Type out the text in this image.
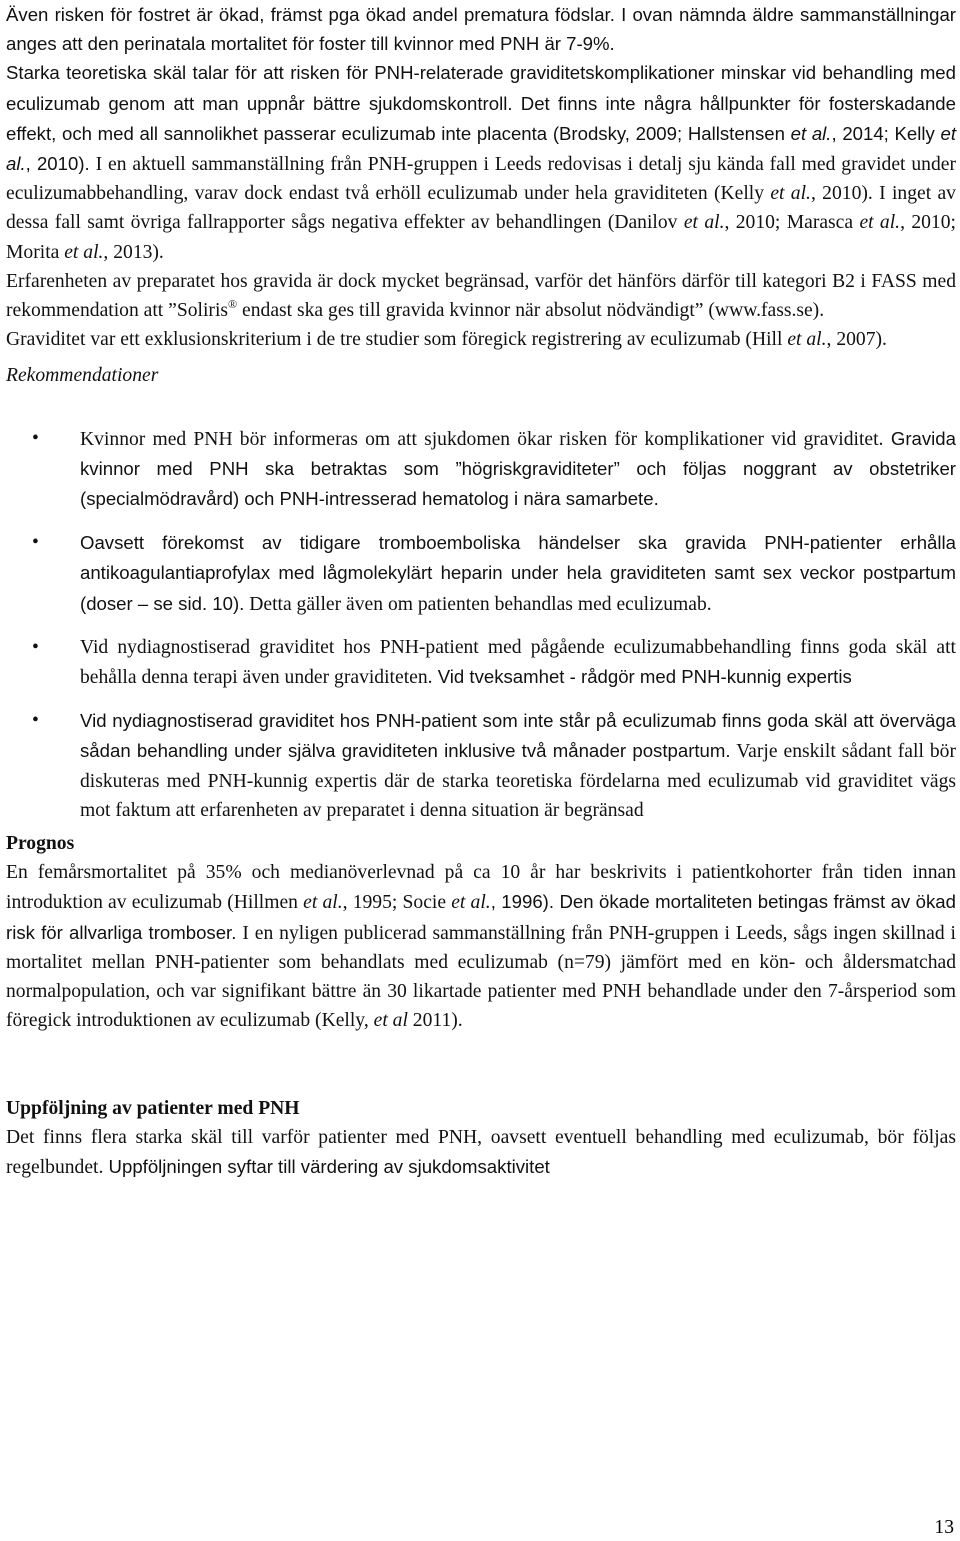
Även risken för fostret är ökad, främst pga ökad andel prematura födslar. I ovan nämnda äldre sammanställningar anges att den perinatala mortalitet för foster till kvinnor med PNH är 7-9%.

Starka teoretiska skäl talar för att risken för PNH-relaterade graviditetskomplikationer minskar vid behandling med eculizumab genom att man uppnår bättre sjukdomskontroll. Det finns inte några hållpunkter för fosterskadande effekt, och med all sannolikhet passerar eculizumab inte placenta (Brodsky, 2009; Hallstensen et al., 2014; Kelly et al., 2010). I en aktuell sammanställning från PNH-gruppen i Leeds redovisas i detalj sju kända fall med gravidet under eculizumabbehandling, varav dock endast två erhöll eculizumab under hela graviditeten (Kelly et al., 2010). I inget av dessa fall samt övriga fallrapporter sågs negativa effekter av behandlingen (Danilov et al., 2010; Marasca et al., 2010; Morita et al., 2013).

Erfarenheten av preparatet hos gravida är dock mycket begränsad, varför det hänförs därför till kategori B2 i FASS med rekommendation att ”Soliris® endast ska ges till gravida kvinnor när absolut nödvändigt” (www.fass.se).

Graviditet var ett exklusionskriterium i de tre studier som föregick registrering av eculizumab (Hill et al., 2007).

Rekommendationer

• Kvinnor med PNH bör informeras om att sjukdomen ökar risken för komplikationer vid graviditet. Gravida kvinnor med PNH ska betraktas som ”högriskgraviditeter” och följas noggrant av obstetriker (specialmödravård) och PNH-intresserad hematolog i nära samarbete.
• Oavsett förekomst av tidigare tromboemboliska händelser ska gravida PNH-patienter erhålla antikoagulantiaprofylax med lågmolekylärt heparin under hela graviditeten samt sex veckor postpartum (doser – se sid. 10). Detta gäller även om patienten behandlas med eculizumab.
• Vid nydiagnostiserad graviditet hos PNH-patient med pågående eculizumabbehandling finns goda skäl att behålla denna terapi även under graviditeten. Vid tveksamhet - rådgör med PNH-kunnig expertis
• Vid nydiagnostiserad graviditet hos PNH-patient som inte står på eculizumab finns goda skäl att överväga sådan behandling under själva graviditeten inklusive två månader postpartum. Varje enskilt sådant fall bör diskuteras med PNH-kunnig expertis där de starka teoretiska fördelarna med eculizumab vid graviditet vägs mot faktum att erfarenheten av preparatet i denna situation är begränsad

Prognos

En femårsmortalitet på 35% och medianöverlevnad på ca 10 år har beskrivits i patientkohorter från tiden innan introduktion av eculizumab (Hillmen et al., 1995; Socie et al., 1996). Den ökade mortaliteten betingas främst av ökad risk för allvarliga tromboser. I en nyligen publicerad sammanställning från PNH-gruppen i Leeds, sågs ingen skillnad i mortalitet mellan PNH-patienter som behandlats med eculizumab (n=79) jämfört med en kön- och åldersmatchad normalpopulation, och var signifikant bättre än 30 likartade patienter med PNH behandlade under den 7-årsperiod som föregick introduktionen av eculizumab (Kelly, et al 2011).

Uppföljning av patienter med PNH

Det finns flera starka skäl till varför patienter med PNH, oavsett eventuell behandling med eculizumab, bör följas regelbundet. Uppföljningen syftar till värdering av sjukdomsaktivitet

13
